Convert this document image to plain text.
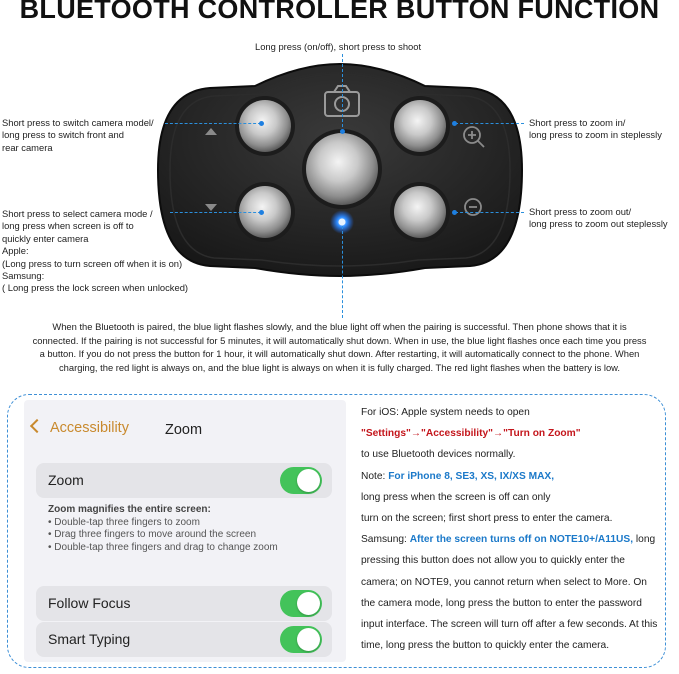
BLUETOOTH CONTROLLER BUTTON FUNCTION
Long press (on/off), short press to shoot
Short press to switch camera model/
long press to switch front and
rear camera
Short press to select camera mode /
long press when screen is off to
quickly enter camera
Apple:
(Long press to turn screen off when it is on)
Samsung:
( Long press the lock screen when unlocked)
Short press to zoom in/
long press to zoom in steplessly
Short press to zoom out/
long press to zoom out steplessly
When the Bluetooth is paired, the blue light flashes slowly, and the blue light off when the pairing is successful. Then phone shows that it is connected. If the pairing is not successful for 5 minutes, it will automatically shut down. When in use, the blue light flashes once each time you press a button. If you do not press the button for 1 hour, it will automatically shut down. After restarting, it will automatically connect to the phone. When charging, the red light is always on, and the blue light is always on when it is fully charged. The red light flashes when the battery is low.
Accessibility Zoom
Zoom
Zoom magnifies the entire screen:
• Double-tap three fingers to zoom
• Drag three fingers to move around the screen
• Double-tap three fingers and drag to change zoom
Follow Focus
Smart Typing
For iOS: Apple system needs to open
"Settings"→"Accessibility"→"Turn on Zoom"
to use Bluetooth devices normally.
Note: For iPhone 8, SE3, XS, IX/XS MAX,
long press when the screen is off can only
turn on the screen; first short press to enter the camera.
Samsung: After the screen turns off on NOTE10+/A11US, long pressing this button does not allow you to quickly enter the camera; on NOTE9, you cannot return when select to More. On the camera mode, long press the button to enter the password input interface. The screen will turn off after a few seconds. At this time, long press the button to quickly enter the camera.
